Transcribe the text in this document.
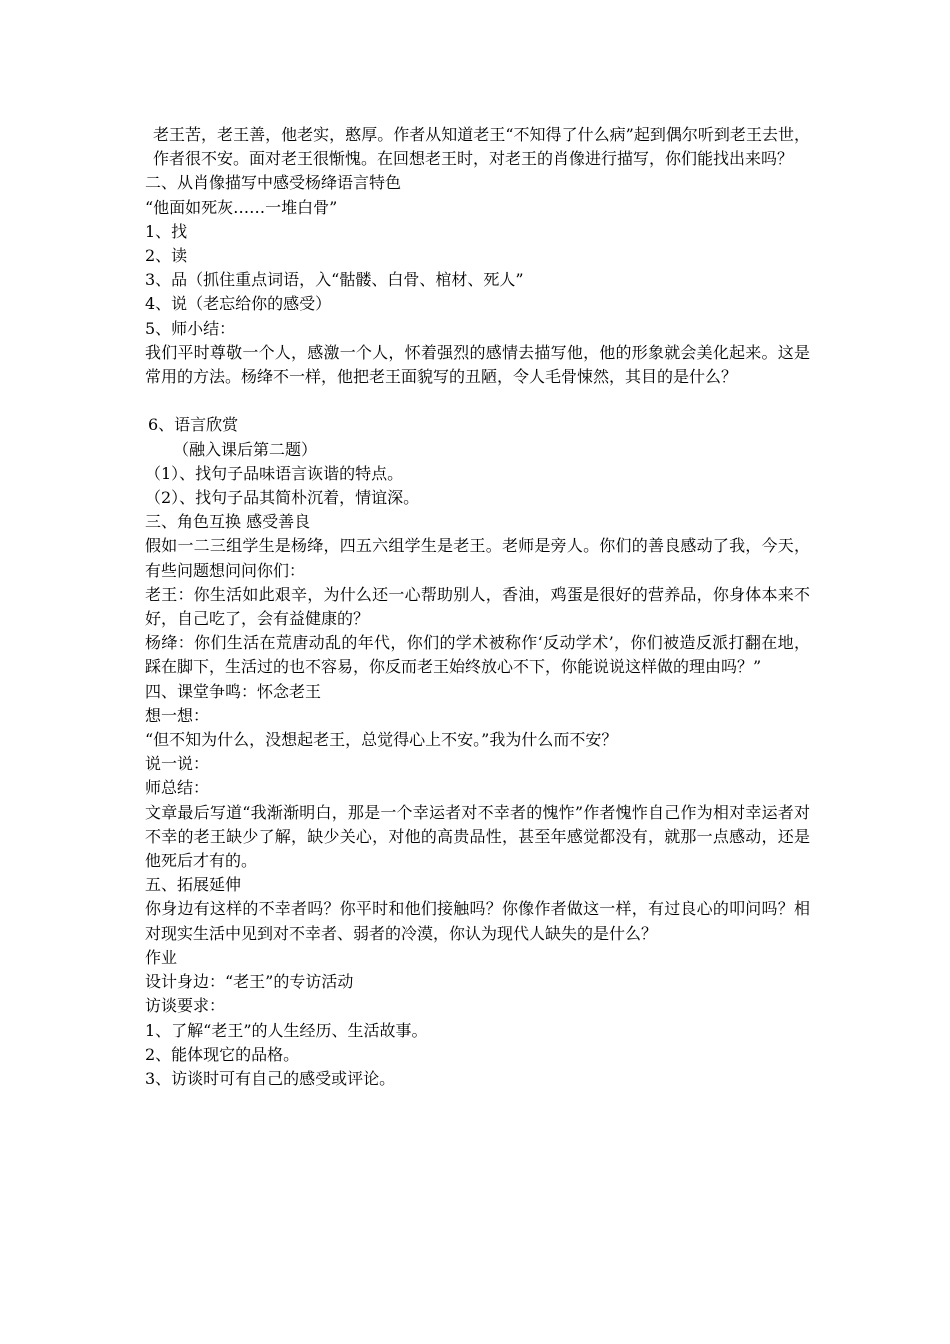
老王苦，老王善，他老实，憨厚。作者从知道老王“不知得了什么病”起到偶尔听到老王去世，作者很不安。面对老王很惭愧。在回想老王时，对老王的肖像进行描写，你们能找出来吗？

二、从肖像描写中感受杨绛语言特色

“他面如死灰……一堆白骨”

1、找

2、读

3、品（抓住重点词语，入“骷髅、白骨、棺材、死人”

4、说（老忘给你的感受）

5、师小结：

我们平时尊敬一个人，感激一个人，怀着强烈的感情去描写他，他的形象就会美化起来。这是常用的方法。杨绛不一样，他把老王面貌写的丑陋，令人毛骨悚然，其目的是什么？

6、语言欣赏

（融入课后第二题）

（1）、找句子品味语言诙谐的特点。

（2）、找句子品其简朴沉着，情谊深。

三、角色互换 感受善良

假如一二三组学生是杨绛，四五六组学生是老王。老师是旁人。你们的善良感动了我，今天，有些问题想问问你们：

老王：你生活如此艰辛，为什么还一心帮助别人，香油，鸡蛋是很好的营养品，你身体本来不好，自己吃了，会有益健康的？

杨绛：你们生活在荒唐动乱的年代，你们的学术被称作‘反动学术’，你们被造反派打翻在地，踩在脚下，生活过的也不容易，你反而老王始终放心不下，你能说说这样做的理由吗？”

四、课堂争鸣：怀念老王

想一想：

“但不知为什么，没想起老王，总觉得心上不安。”我为什么而不安？

说一说：

师总结：

文章最后写道“我渐渐明白，那是一个幸运者对不幸者的愧怍”作者愧怍自己作为相对幸运者对不幸的老王缺少了解，缺少关心，对他的高贵品性，甚至年感觉都没有，就那一点感动，还是他死后才有的。

五、拓展延伸

你身边有这样的不幸者吗？你平时和他们接触吗？你像作者做这一样，有过良心的叩问吗？相对现实生活中见到对不幸者、弱者的冷漠，你认为现代人缺失的是什么？

作业

设计身边：“老王”的专访活动

访谈要求：

1、了解“老王”的人生经历、生活故事。

2、能体现它的品格。

3、访谈时可有自己的感受或评论。
